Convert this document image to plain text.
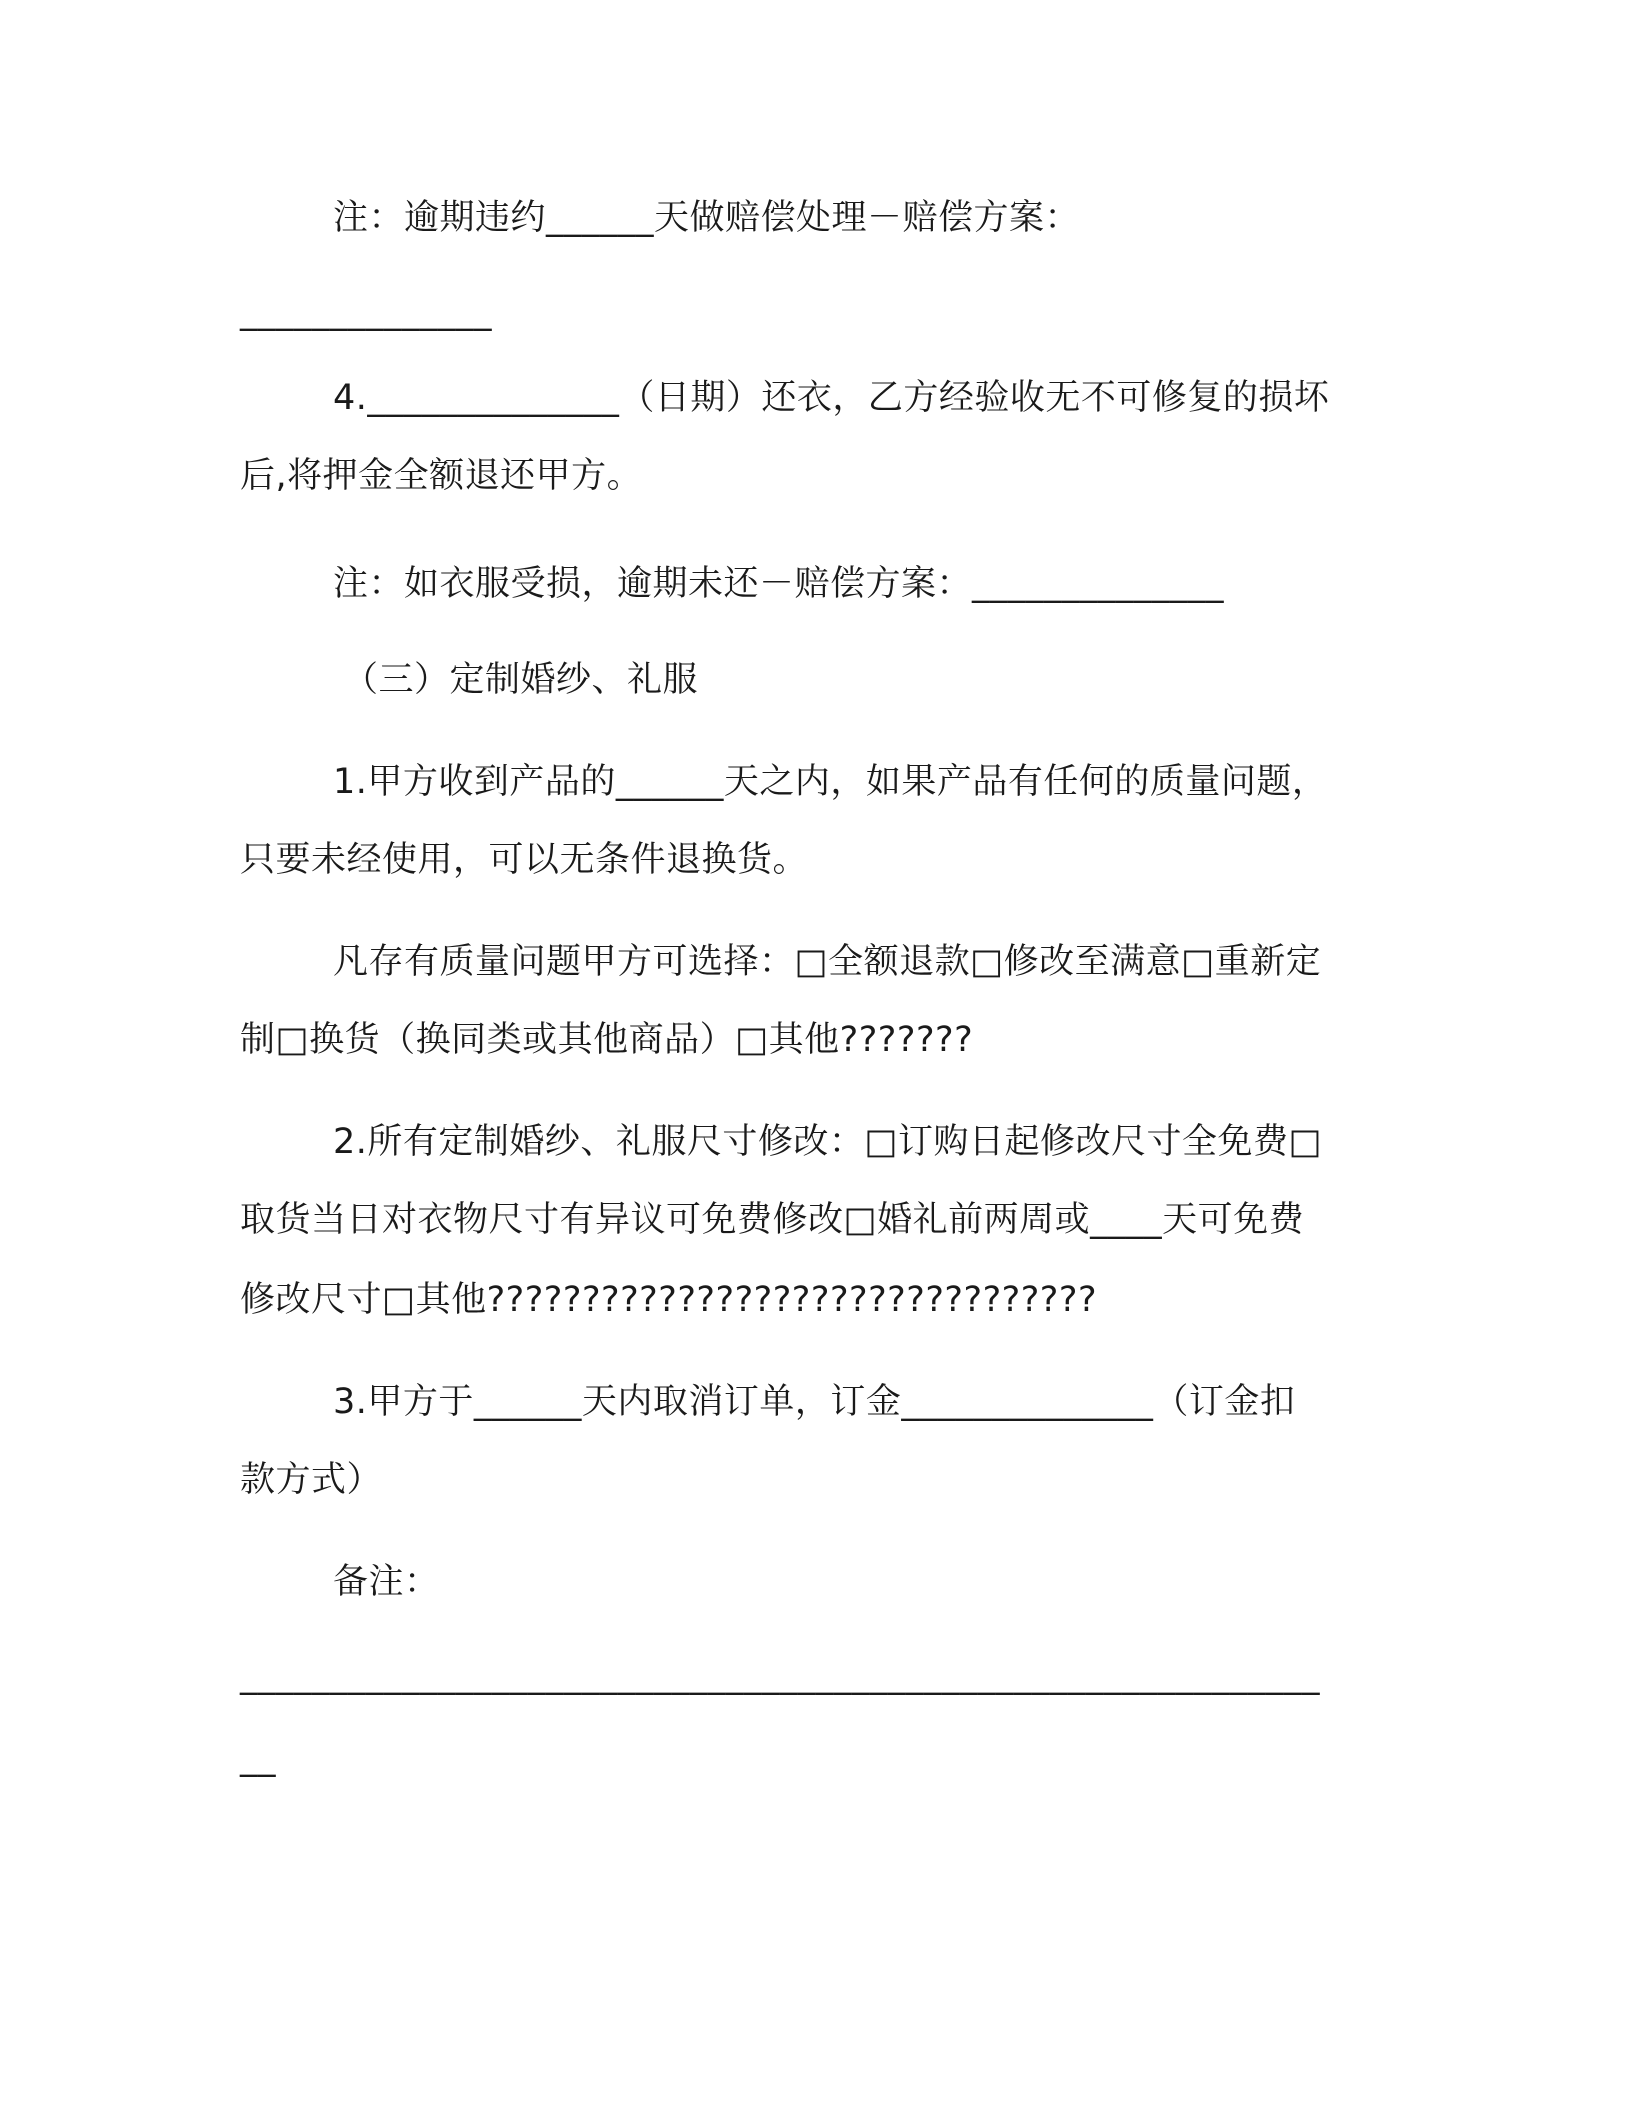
注：逾期违约______天做赔偿处理－赔偿方案：
______________
4.______________（日期）还衣，乙方经验收无不可修复的损坏
后,将押金全额退还甲方。
注：如衣服受损，逾期未还－赔偿方案：______________
（三）定制婚纱、礼服
1.甲方收到产品的______天之内，如果产品有任何的质量问题，
只要未经使用，可以无条件退换货。
凡存有质量问题甲方可选择：□全额退款□修改至满意□重新定
制□换货（换同类或其他商品）□其他???????
2.所有定制婚纱、礼服尺寸修改：□订购日起修改尺寸全免费□
取货当日对衣物尺寸有异议可免费修改□婚礼前两周或____天可免费
修改尺寸□其他????????????????????????????????
3.甲方于______天内取消订单，订金______________（订金扣
款方式）
备注：
____________________________________________________________
__
